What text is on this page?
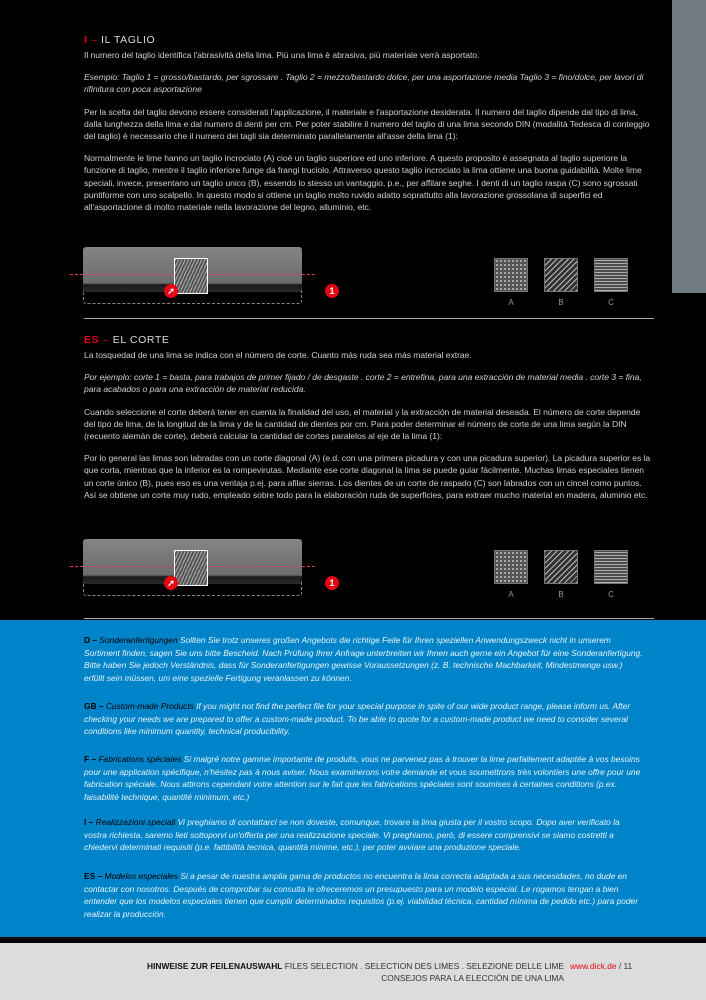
I – IL TAGLIO

Il numero del taglio identifica l'abrasività della lima. Più una lima è abrasiva, più materiale verrà asportato.

Esempio: Taglio 1 = grosso/bastardo, per sgrossare . Taglio 2 = mezzo/bastardo dolce, per una asportazione media Taglio 3 = fino/dolce, per lavori di rifinitura con poca asportazione

Per la scelta del taglio devono essere considerati l'applicazione, il materiale e l'asportazione desiderata. Il numero del taglio dipende dal tipo di lima, dalla lunghezza della lima e dal numero di denti per cm. Per poter stabilire il numero del taglio di una lima secondo DIN (modalità Tedesca di conteggio del taglio) è necessario che il numero dei tagli sia determinato parallelamente all'asse della lima (1):

Normalmente le lime hanno un taglio incrociato (A) cioè un taglio superiore ed uno inferiore. A questo proposito è assegnata al taglio superiore la funzione di taglio, mentre il taglio inferiore funge da frangi truciolo. Attraverso questo taglio incrociato la lima ottiene una buona guidabilità. Molte lime speciali, invece, presentano un taglio unico (B), essendo lo stesso un vantaggio, p.e., per affilare seghe. I denti di un taglio raspa (C) sono sgrossati puntiforme con uno scalpello. In questo modo si ottiene un taglio molto ruvido adatto soprattutto alla lavorazione grossolana di superfici ed all'asportazione di molto materiale nella lavorazione del legno, alluminio, etc.

➚	1
A	B	C
ES – EL CORTE

La tosquedad de una lima se indica con el número de corte. Cuanto más ruda sea más material extrae.

Por ejemplo: corte 1 = basta, para trabajos de primer fijado / de desgaste . corte 2 = entrefina, para una extracción de material media . corte 3 = fina, para acabados o para una extracción de material reducida.

Cuando seleccione el corte deberá tener en cuenta la finalidad del uso, el material y la extracción de material deseada. El número de corte depende del tipo de lima, de la longitud de la lima y de la cantidad de dientes por cm. Para poder determinar el número de corte de una lima según la DIN (recuento alemán de corte), deberá calcular la cantidad de cortes paralelos al eje de la lima (1):

Por lo general las limas son labradas con un corte diagonal (A) (e.d. con una primera picadura y con una picadura superior). La picadura superior es la que corta, mientras que la inferior es la rompevirutas. Mediante ese corte diagonal la lima se puede guiar fácilmente. Muchas limas especiales tienen un corte único (B), pues eso es una ventaja p.ej. para afilar sierras. Los dientes de un corte de raspado (C) son labrados con un cincel como puntos. Así se obtiene un corte muy rudo, empleado sobre todo para la elaboración ruda de superficies, para extraer mucho material en madera, aluminio etc.

➚	1
A	B	C
D – Sonderanfertigungen Sollten Sie trotz unseres großen Angebots die richtige Feile für Ihren speziellen Anwendungszweck nicht in unserem Sortiment finden, sagen Sie uns bitte Bescheid. Nach Prüfung Ihrer Anfrage unterbreiten wir Ihnen auch gerne ein Angebot für eine Sonderanfertigung. Bitte haben Sie jedoch Verständnis, dass für Sonderanfertigungen gewisse Voraussetzungen (z. B. technische Machbarkeit, Mindestmenge usw.) erfüllt sein müssen, um eine spezielle Fertigung veranlassen zu können.
GB – Custom-made Products If you might not find the perfect file for your special purpose in spite of our wide product range, please inform us. After checking your needs we are prepared to offer a custom-made product. To be able to quote for a custom-made product we need to consider several conditions like minimum quantity, technical producibility.
F – Fabrications spéciales Si malgré notre gamme importante de produits, vous ne parvenez pas à trouver la lime parfaitement adaptée à vos besoins pour une application spécifique, n'hésitez pas à nous aviser. Nous examinerons votre demande et vous soumettrons très volontiers une offre pour une fabrication spéciale. Nous attirons cependant votre attention sur le fait que les fabrications spéciales sont soumises à certaines conditions (p.ex. faisabilité technique, quantité minimum, etc.)
I – Realizzazioni speciali Vi preghiamo di contattarci se non doveste, comunque, trovare la lima giusta per il vostro scopo. Dopo aver verificato la vostra richiesta, saremo lieti sottoporvi un'offerta per una realizzazione speciale. Vi preghiamo, però, di essere comprensivi se siamo costretti a chiedervi determinati requisiti (p.e. fattibilità tecnica, quantità minime, etc.), per poter avviare una produzione speciale.
ES – Modelos especiales Si a pesar de nuestra amplia gama de productos no encuentra la lima correcta adaptada a sus necesidades, no dude en contactar con nosotros. Después de comprobar su consulta le ofreceremos un presupuesto para un modelo especial. Le rogamos tengan a bien entender que los modelos especiales tienen que cumplir determinados requisitos (p.ej. viabilidad técnica, cantidad mínima de pedido etc.) para poder realizar la producción.
HINWEISE ZUR FEILENAUSWAHL FILES SELECTION . SELECTION DES LIMES . SELEZIONE DELLE LIME
CONSEJOS PARA LA ELECCIÓN DE UNA LIMA
www.dick.de / 11
